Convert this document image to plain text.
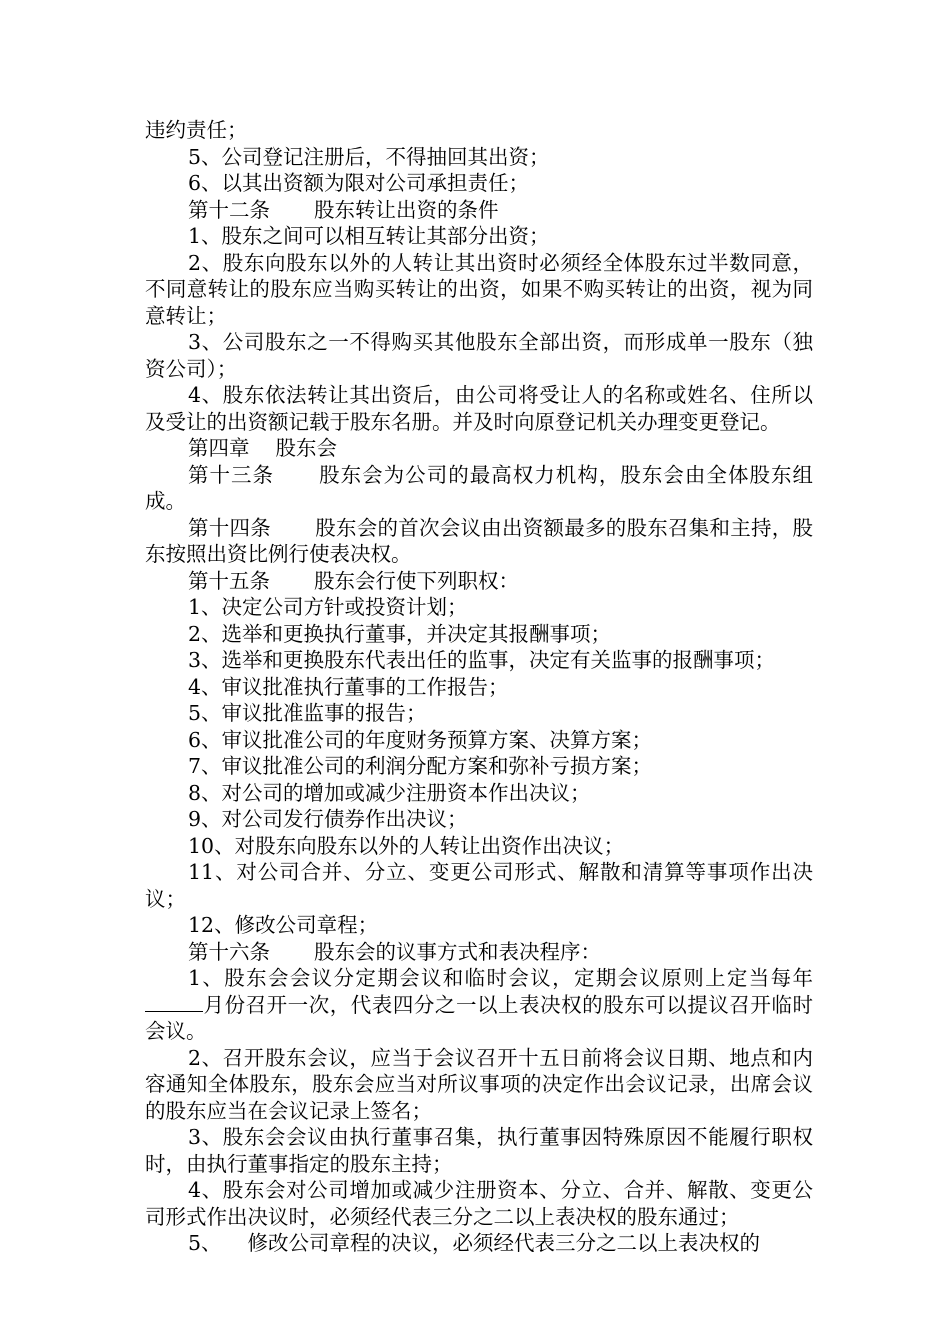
违约责任；

5、公司登记注册后，不得抽回其出资；

6、以其出资额为限对公司承担责任；

第十二条 股东转让出资的条件

1、股东之间可以相互转让其部分出资；

2、股东向股东以外的人转让其出资时必须经全体股东过半数同意，不同意转让的股东应当购买转让的出资，如果不购买转让的出资，视为同意转让；

3、公司股东之一不得购买其他股东全部出资，而形成单一股东（独资公司）；

4、股东依法转让其出资后，由公司将受让人的名称或姓名、住所以及受让的出资额记载于股东名册。并及时向原登记机关办理变更登记。

第四章 股东会

第十三条 股东会为公司的最高权力机构，股东会由全体股东组成。

第十四条 股东会的首次会议由出资额最多的股东召集和主持，股东按照出资比例行使表决权。

第十五条 股东会行使下列职权：

1、决定公司方针或投资计划；

2、选举和更换执行董事，并决定其报酬事项；

3、选举和更换股东代表出任的监事，决定有关监事的报酬事项；

4、审议批准执行董事的工作报告；

5、审议批准监事的报告；

6、审议批准公司的年度财务预算方案、决算方案；

7、审议批准公司的利润分配方案和弥补亏损方案；

8、对公司的增加或减少注册资本作出决议；

9、对公司发行债券作出决议；

10、对股东向股东以外的人转让出资作出决议；

11、对公司合并、分立、变更公司形式、解散和清算等事项作出决议；

12、修改公司章程；

第十六条 股东会的议事方式和表决程序：

1、股东会会议分定期会议和临时会议，定期会议原则上定当每年月份召开一次，代表四分之一以上表决权的股东可以提议召开临时会议。

2、召开股东会议，应当于会议召开十五日前将会议日期、地点和内容通知全体股东，股东会应当对所议事项的决定作出会议记录，出席会议的股东应当在会议记录上签名；

3、股东会会议由执行董事召集，执行董事因特殊原因不能履行职权时，由执行董事指定的股东主持；

4、股东会对公司增加或减少注册资本、分立、合并、解散、变更公司形式作出决议时，必须经代表三分之二以上表决权的股东通过；

5、 修改公司章程的决议，必须经代表三分之二以上表决权的
